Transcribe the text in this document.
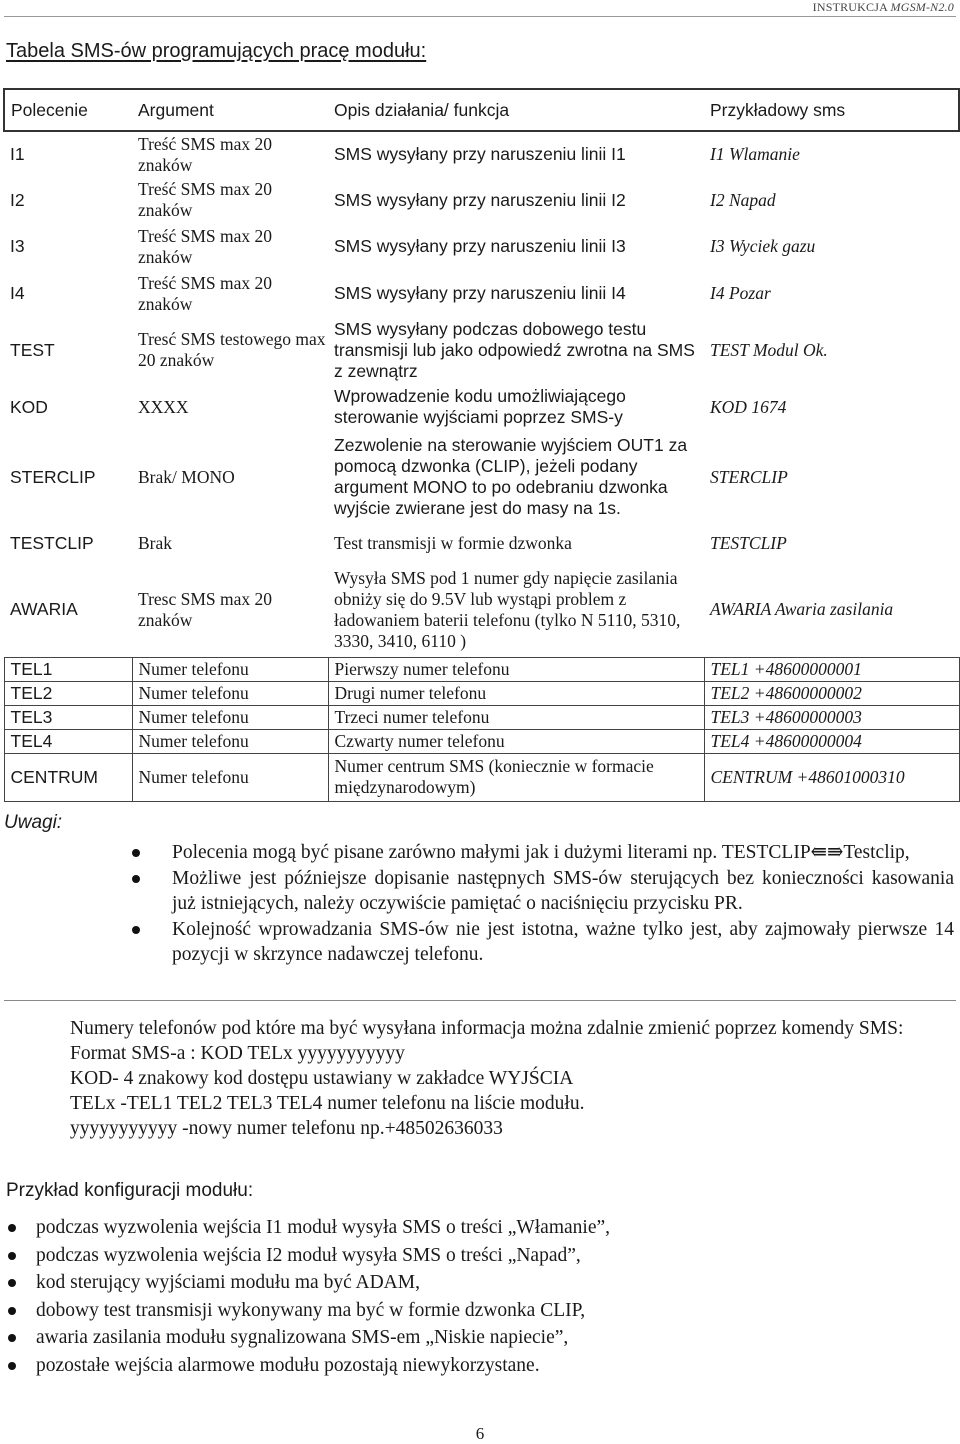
INSTRUKCJA MGSM-N2.0
Tabela SMS-ów programujących pracę modułu:
Polecenie	Argument	Opis działania/ funkcja	Przykładowy sms
I1	Treść SMS max 20 znaków	SMS wysyłany przy naruszeniu linii I1	I1 Wlamanie
I2	Treść SMS max 20 znaków	SMS wysyłany przy naruszeniu linii I2	I2 Napad
I3	Treść SMS max 20 znaków	SMS wysyłany przy naruszeniu linii I3	I3 Wyciek gazu
I4	Treść SMS max 20 znaków	SMS wysyłany przy naruszeniu linii I4	I4 Pozar
TEST	Tresć SMS testowego max 20 znaków	SMS wysyłany podczas dobowego testu transmisji lub jako odpowiedź zwrotna na SMS z zewnątrz	TEST Modul Ok.
KOD	XXXX	Wprowadzenie kodu umożliwiającego sterowanie wyjściami poprzez SMS-y	KOD 1674
STERCLIP	Brak/ MONO	Zezwolenie na sterowanie wyjściem OUT1 za pomocą dzwonka (CLIP), jeżeli podany argument MONO to po odebraniu dzwonka wyjście zwierane jest do masy na 1s.	STERCLIP
TESTCLIP	Brak	Test transmisji w formie dzwonka	TESTCLIP
AWARIA	Tresc SMS max 20 znaków	Wysyła SMS pod 1 numer gdy napięcie zasilania obniży się do 9.5V lub wystąpi problem z ładowaniem baterii telefonu (tylko N 5110, 5310, 3330, 3410, 6110 )	AWARIA Awaria zasilania
TEL1	Numer telefonu	Pierwszy numer telefonu	TEL1 +48600000001
TEL2	Numer telefonu	Drugi numer telefonu	TEL2 +48600000002
TEL3	Numer telefonu	Trzeci numer telefonu	TEL3 +48600000003
TEL4	Numer telefonu	Czwarty numer telefonu	TEL4 +48600000004
CENTRUM	Numer telefonu	Numer centrum SMS (koniecznie w formacie międzynarodowym)	CENTRUM +48601000310
Uwagi:
Polecenia mogą być pisane zarówno małymi jak i dużymi literami np. TESTCLIP⇚⇛Testclip,
Możliwe jest późniejsze dopisanie następnych SMS-ów sterujących bez konieczności kasowania już istniejących, należy oczywiście pamiętać o naciśnięciu przycisku PR.
Kolejność wprowadzania SMS-ów nie jest istotna, ważne tylko jest, aby zajmowały pierwsze 14 pozycji w skrzynce nadawczej telefonu.
Numery telefonów pod które ma być wysyłana informacja można zdalnie zmienić poprzez komendy SMS:
Format SMS-a : KOD TELx yyyyyyyyyyy
KOD- 4 znakowy kod dostępu ustawiany w zakładce WYJŚCIA
TELx -TEL1 TEL2 TEL3 TEL4 numer telefonu na liście modułu.
yyyyyyyyyyy -nowy numer telefonu np.+48502636033
Przykład konfiguracji modułu:
podczas wyzwolenia wejścia I1 moduł wysyła SMS o treści „Włamanie”,
podczas wyzwolenia wejścia I2 moduł wysyła SMS o treści „Napad”,
kod sterujący wyjściami modułu ma być ADAM,
dobowy test transmisji wykonywany ma być w formie dzwonka CLIP,
awaria zasilania modułu sygnalizowana SMS-em „Niskie napiecie”,
pozostałe wejścia alarmowe modułu pozostają niewykorzystane.
6
